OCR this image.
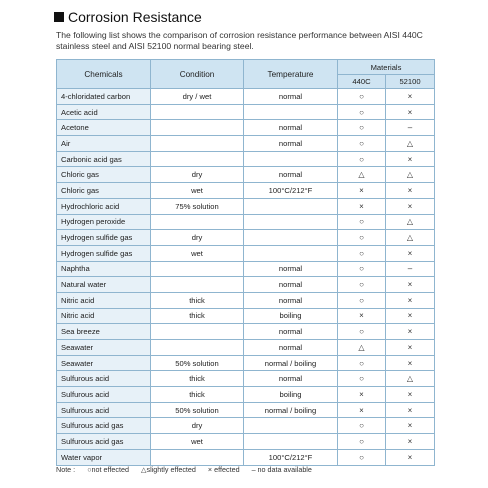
Corrosion Resistance
The following list shows the comparison of corrosion resistance performance between AISI 440C stainless steel and AISI 52100 normal bearing steel.
Chemicals	Condition	Temperature	Materials	
			440C	52100
4-chloridated carbon	dry / wet	normal	○	×
Acetic acid			○	×
Acetone		normal	○	–
Air		normal	○	△
Carbonic acid gas			○	×
Chloric gas	dry	normal	△	△
Chloric gas	wet	100°C/212°F	×	×
Hydrochloric acid	75% solution		×	×
Hydrogen peroxide			○	△
Hydrogen sulfide gas	dry		○	△
Hydrogen sulfide gas	wet		○	×
Naphtha		normal	○	–
Natural water		normal	○	×
Nitric acid	thick	normal	○	×
Nitric acid	thick	boiling	×	×
Sea breeze		normal	○	×
Seawater		normal	△	×
Seawater	50% solution	normal / boiling	○	×
Sulfurous acid	thick	normal	○	△
Sulfurous acid	thick	boiling	×	×
Sulfurous acid	50% solution	normal / boiling	×	×
Sulfurous acid gas	dry		○	×
Sulfurous acid gas	wet		○	×
Water vapor		100°C/212°F	○	×
Note : ○not effected △slightly effected × effected – no data available
